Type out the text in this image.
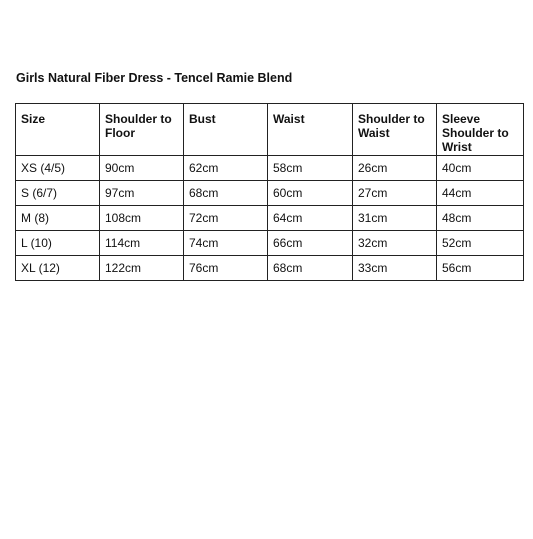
Girls Natural Fiber Dress - Tencel Ramie Blend
Size	Shoulder to Floor	Bust	Waist	Shoulder to Waist	Sleeve Shoulder to Wrist
XS (4/5)	90cm	62cm	58cm	26cm	40cm
S (6/7)	97cm	68cm	60cm	27cm	44cm
M (8)	108cm	72cm	64cm	31cm	48cm
L (10)	114cm	74cm	66cm	32cm	52cm
XL (12)	122cm	76cm	68cm	33cm	56cm
